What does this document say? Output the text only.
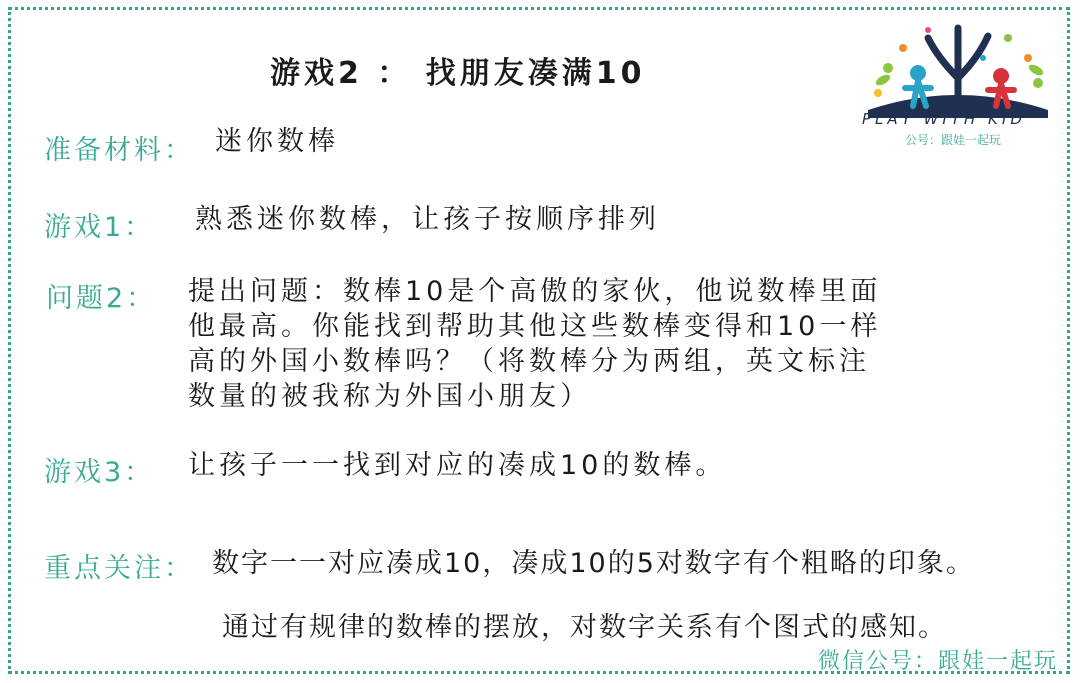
游戏2 ： 找朋友凑满10
准备材料： 迷你数棒
游戏1： 熟悉迷你数棒，让孩子按顺序排列
问题2： 提出问题：数棒10是个高傲的家伙，他说数棒里面
他最高。你能找到帮助其他这些数棒变得和10一样
高的外国小数棒吗？（将数棒分为两组，英文标注
数量的被我称为外国小朋友）
游戏3： 让孩子一一找到对应的凑成10的数棒。
重点关注： 数字一一对应凑成10，凑成10的5对数字有个粗略的印象。
通过有规律的数棒的摆放，对数字关系有个图式的感知。
PLAY WITH KID
公号：跟娃一起玩
微信公号：跟娃一起玩
